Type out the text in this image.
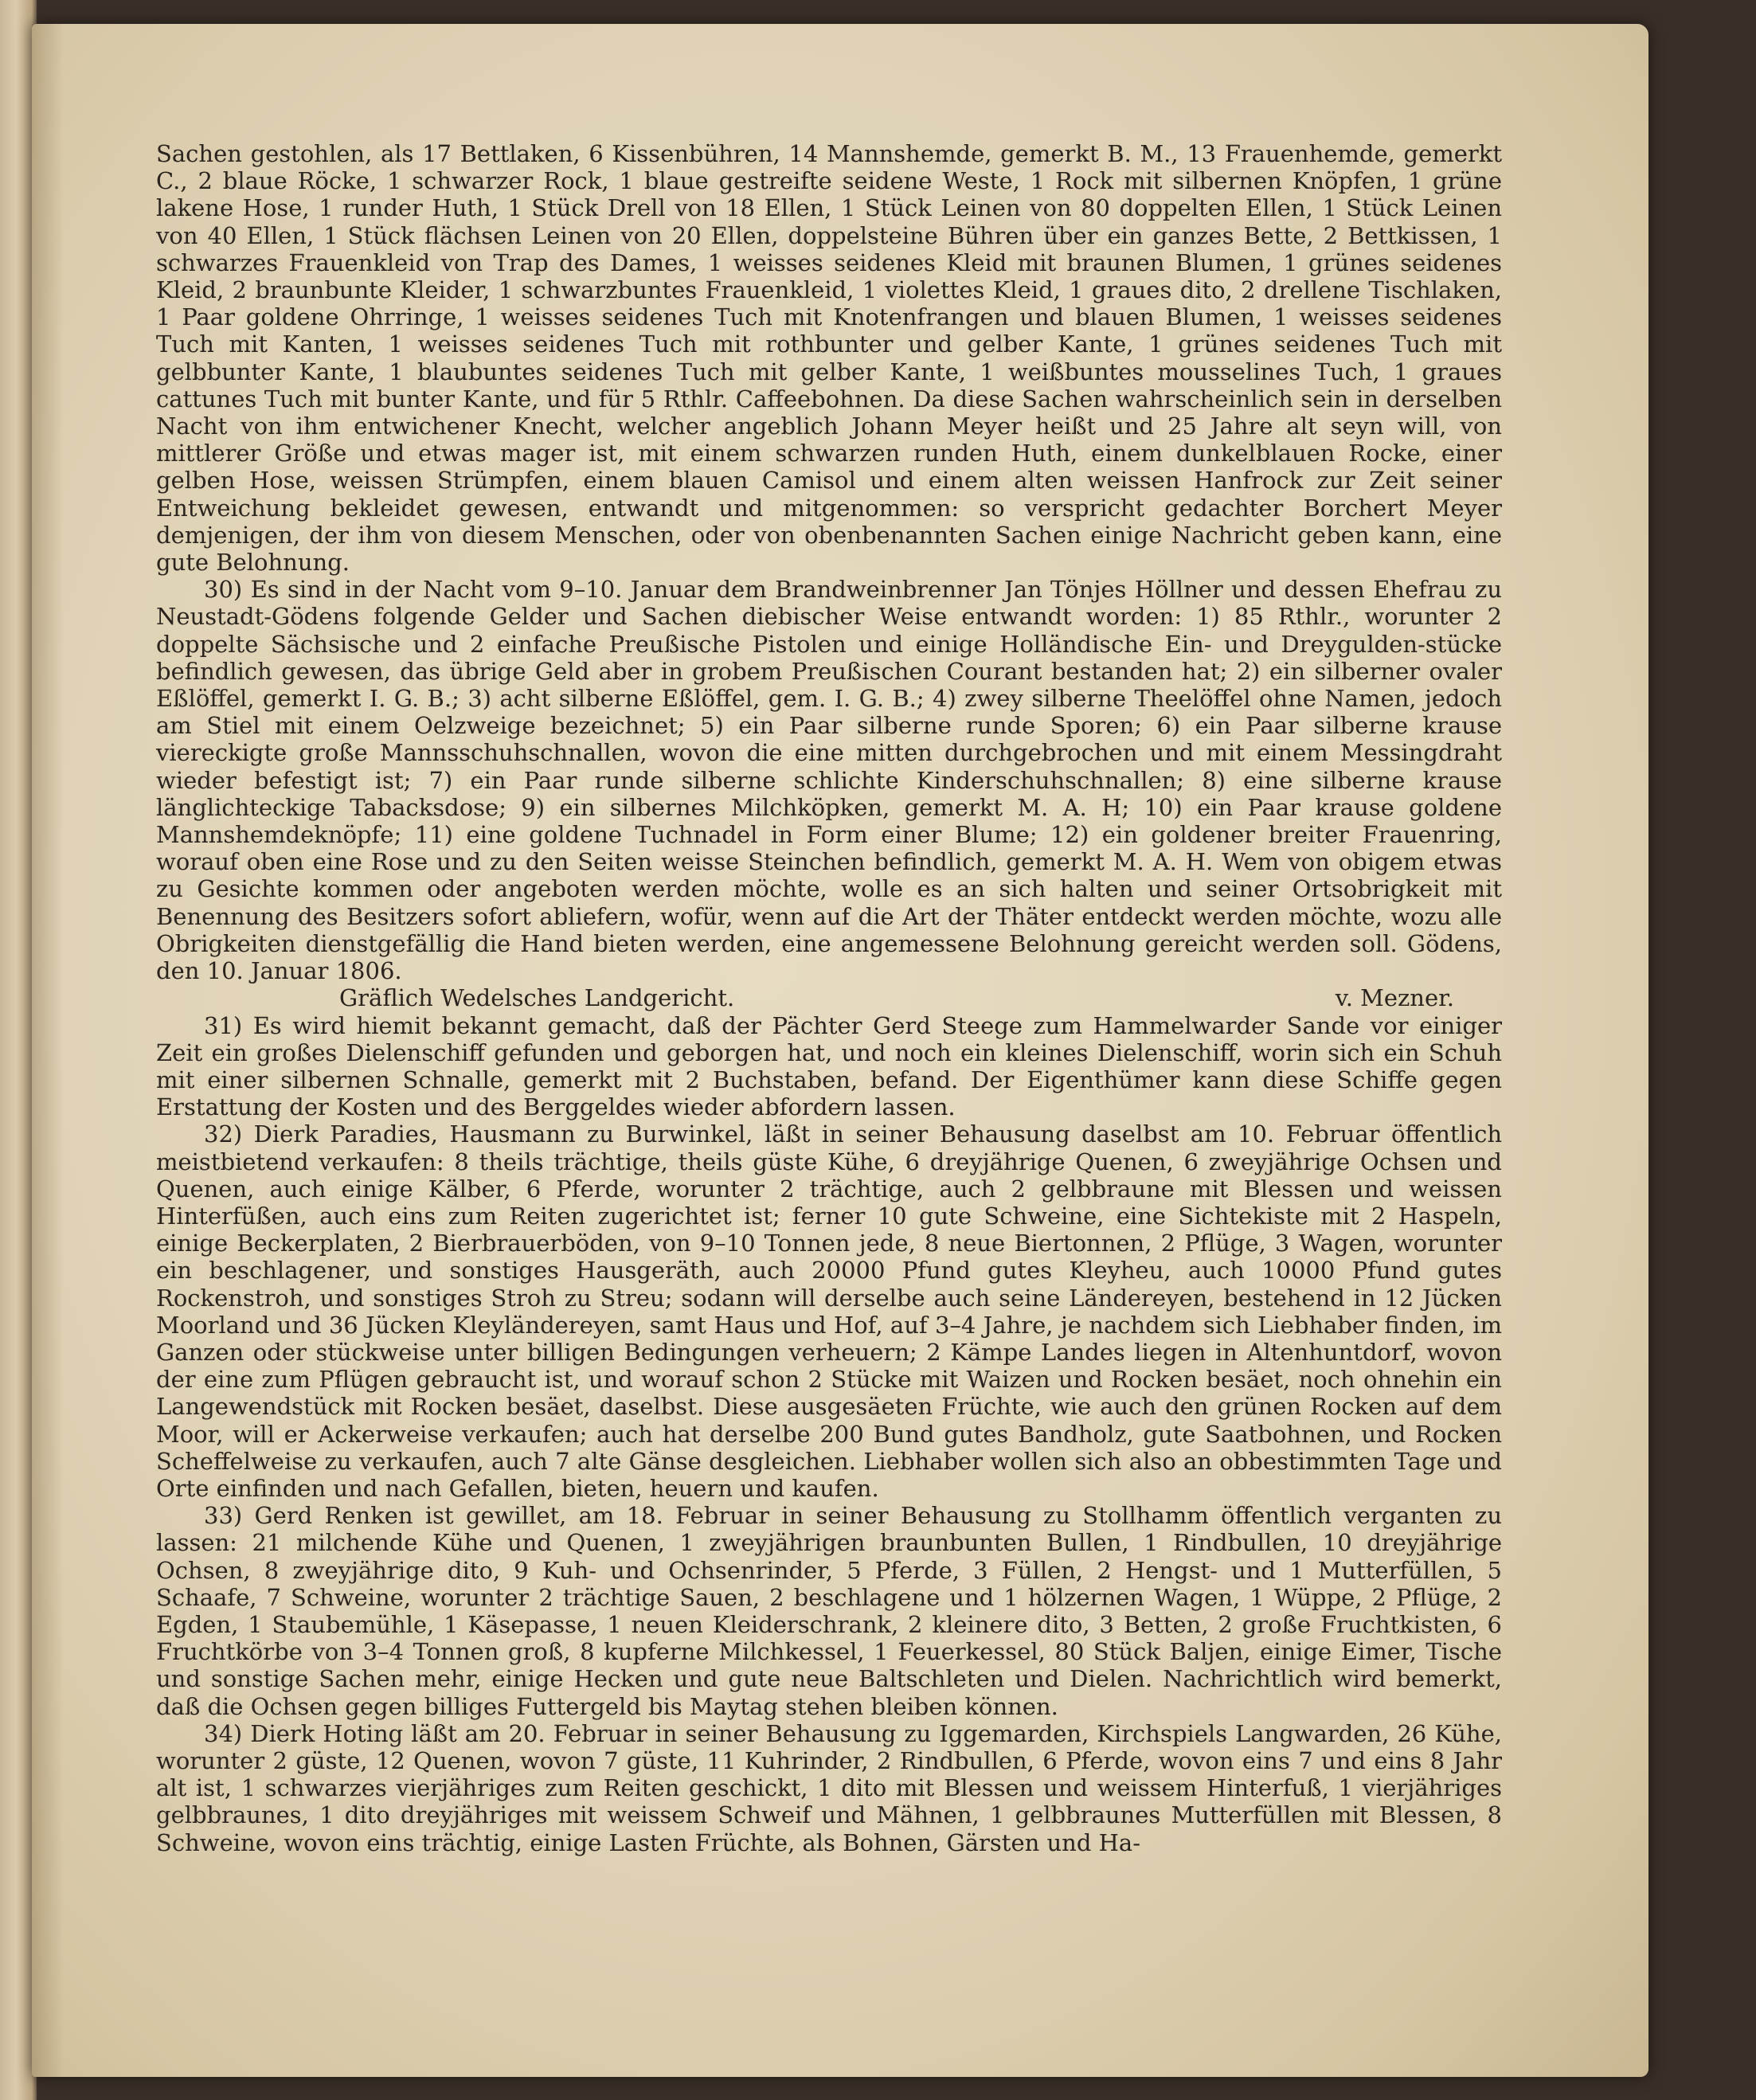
Sachen gestohlen, als 17 Bettlaken, 6 Kissenbühren, 14 Mannshemde, gemerkt B. M., 13 Frauenhemde, gemerkt C., 2 blaue Röcke, 1 schwarzer Rock, 1 blaue gestreifte seidene Weste, 1 Rock mit silbernen Knöpfen, 1 grüne lakene Hose, 1 runder Huth, 1 Stück Drell von 18 Ellen, 1 Stück Leinen von 80 doppelten Ellen, 1 Stück Leinen von 40 Ellen, 1 Stück flächsen Leinen von 20 Ellen, doppelsteine Bühren über ein ganzes Bette, 2 Bettkissen, 1 schwarzes Frauenkleid von Trap des Dames, 1 weisses seidenes Kleid mit braunen Blumen, 1 grünes seidenes Kleid, 2 braunbunte Kleider, 1 schwarzbuntes Frauenkleid, 1 violettes Kleid, 1 graues dito, 2 drellene Tischlaken, 1 Paar goldene Ohrringe, 1 weisses seidenes Tuch mit Knotenfrangen und blauen Blumen, 1 weisses seidenes Tuch mit Kanten, 1 weisses seidenes Tuch mit rothbunter und gelber Kante, 1 grünes seidenes Tuch mit gelbbunter Kante, 1 blaubuntes seidenes Tuch mit gelber Kante, 1 weißbuntes mousselines Tuch, 1 graues cattunes Tuch mit bunter Kante, und für 5 Rthlr. Caffeebohnen. Da diese Sachen wahrscheinlich sein in derselben Nacht von ihm entwichener Knecht, welcher angeblich Johann Meyer heißt und 25 Jahre alt seyn will, von mittlerer Größe und etwas mager ist, mit einem schwarzen runden Huth, einem dunkelblauen Rocke, einer gelben Hose, weissen Strümpfen, einem blauen Camisol und einem alten weissen Hanfrock zur Zeit seiner Entweichung bekleidet gewesen, entwandt und mitgenommen: so verspricht gedachter Borchert Meyer demjenigen, der ihm von diesem Menschen, oder von obenbenannten Sachen einige Nachricht geben kann, eine gute Belohnung.

30) Es sind in der Nacht vom 9–10. Januar dem Brandweinbrenner Jan Tönjes Höllner und dessen Ehefrau zu Neustadt-Gödens folgende Gelder und Sachen diebischer Weise entwandt worden: 1) 85 Rthlr., worunter 2 doppelte Sächsische und 2 einfache Preußische Pistolen und einige Holländische Ein- und Dreygulden-stücke befindlich gewesen, das übrige Geld aber in grobem Preußischen Courant bestanden hat; 2) ein silberner ovaler Eßlöffel, gemerkt I. G. B.; 3) acht silberne Eßlöffel, gem. I. G. B.; 4) zwey silberne Theelöffel ohne Namen, jedoch am Stiel mit einem Oelzweige bezeichnet; 5) ein Paar silberne runde Sporen; 6) ein Paar silberne krause viereckigte große Mannsschuhschnallen, wovon die eine mitten durchgebrochen und mit einem Messingdraht wieder befestigt ist; 7) ein Paar runde silberne schlichte Kinderschuhschnallen; 8) eine silberne krause länglichteckige Tabacksdose; 9) ein silbernes Milchköpken, gemerkt M. A. H; 10) ein Paar krause goldene Mannshemdeknöpfe; 11) eine goldene Tuchnadel in Form einer Blume; 12) ein goldener breiter Frauenring, worauf oben eine Rose und zu den Seiten weisse Steinchen befindlich, gemerkt M. A. H. Wem von obigem etwas zu Gesichte kommen oder angeboten werden möchte, wolle es an sich halten und seiner Ortsobrigkeit mit Benennung des Besitzers sofort abliefern, wofür, wenn auf die Art der Thäter entdeckt werden möchte, wozu alle Obrigkeiten dienstgefällig die Hand bieten werden, eine angemessene Belohnung gereicht werden soll. Gödens, den 10. Januar 1806.

Gräflich Wedelsches Landgericht.	v. Mezner.

31) Es wird hiemit bekannt gemacht, daß der Pächter Gerd Steege zum Hammelwarder Sande vor einiger Zeit ein großes Dielenschiff gefunden und geborgen hat, und noch ein kleines Dielenschiff, worin sich ein Schuh mit einer silbernen Schnalle, gemerkt mit 2 Buchstaben, befand. Der Eigenthümer kann diese Schiffe gegen Erstattung der Kosten und des Berggeldes wieder abfordern lassen.

32) Dierk Paradies, Hausmann zu Burwinkel, läßt in seiner Behausung daselbst am 10. Februar öffentlich meistbietend verkaufen: 8 theils trächtige, theils güste Kühe, 6 dreyjährige Quenen, 6 zweyjährige Ochsen und Quenen, auch einige Kälber, 6 Pferde, worunter 2 trächtige, auch 2 gelbbraune mit Blessen und weissen Hinterfüßen, auch eins zum Reiten zugerichtet ist; ferner 10 gute Schweine, eine Sichtekiste mit 2 Haspeln, einige Beckerplaten, 2 Bierbrauerböden, von 9–10 Tonnen jede, 8 neue Biertonnen, 2 Pflüge, 3 Wagen, worunter ein beschlagener, und sonstiges Hausgeräth, auch 20000 Pfund gutes Kleyheu, auch 10000 Pfund gutes Rockenstroh, und sonstiges Stroh zu Streu; sodann will derselbe auch seine Ländereyen, bestehend in 12 Jücken Moorland und 36 Jücken Kleyländereyen, samt Haus und Hof, auf 3–4 Jahre, je nachdem sich Liebhaber finden, im Ganzen oder stückweise unter billigen Bedingungen verheuern; 2 Kämpe Landes liegen in Altenhuntdorf, wovon der eine zum Pflügen gebraucht ist, und worauf schon 2 Stücke mit Waizen und Rocken besäet, noch ohnehin ein Langewendstück mit Rocken besäet, daselbst. Diese ausgesäeten Früchte, wie auch den grünen Rocken auf dem Moor, will er Ackerweise verkaufen; auch hat derselbe 200 Bund gutes Bandholz, gute Saatbohnen, und Rocken Scheffelweise zu verkaufen, auch 7 alte Gänse desgleichen. Liebhaber wollen sich also an obbestimmten Tage und Orte einfinden und nach Gefallen, bieten, heuern und kaufen.

33) Gerd Renken ist gewillet, am 18. Februar in seiner Behausung zu Stollhamm öffentlich verganten zu lassen: 21 milchende Kühe und Quenen, 1 zweyjährigen braunbunten Bullen, 1 Rindbullen, 10 dreyjährige Ochsen, 8 zweyjährige dito, 9 Kuh- und Ochsenrinder, 5 Pferde, 3 Füllen, 2 Hengst- und 1 Mutterfüllen, 5 Schaafe, 7 Schweine, worunter 2 trächtige Sauen, 2 beschlagene und 1 hölzernen Wagen, 1 Wüppe, 2 Pflüge, 2 Egden, 1 Staubemühle, 1 Käsepasse, 1 neuen Kleiderschrank, 2 kleinere dito, 3 Betten, 2 große Fruchtkisten, 6 Fruchtkörbe von 3–4 Tonnen groß, 8 kupferne Milchkessel, 1 Feuerkessel, 80 Stück Baljen, einige Eimer, Tische und sonstige Sachen mehr, einige Hecken und gute neue Baltschleten und Dielen. Nachrichtlich wird bemerkt, daß die Ochsen gegen billiges Futtergeld bis Maytag stehen bleiben können.

34) Dierk Hoting läßt am 20. Februar in seiner Behausung zu Iggemarden, Kirchspiels Langwarden, 26 Kühe, worunter 2 güste, 12 Quenen, wovon 7 güste, 11 Kuhrinder, 2 Rindbullen, 6 Pferde, wovon eins 7 und eins 8 Jahr alt ist, 1 schwarzes vierjähriges zum Reiten geschickt, 1 dito mit Blessen und weissem Hinterfuß, 1 vierjähriges gelbbraunes, 1 dito dreyjähriges mit weissem Schweif und Mähnen, 1 gelbbraunes Mutterfüllen mit Blessen, 8 Schweine, wovon eins trächtig, einige Lasten Früchte, als Bohnen, Gärsten und Ha-
